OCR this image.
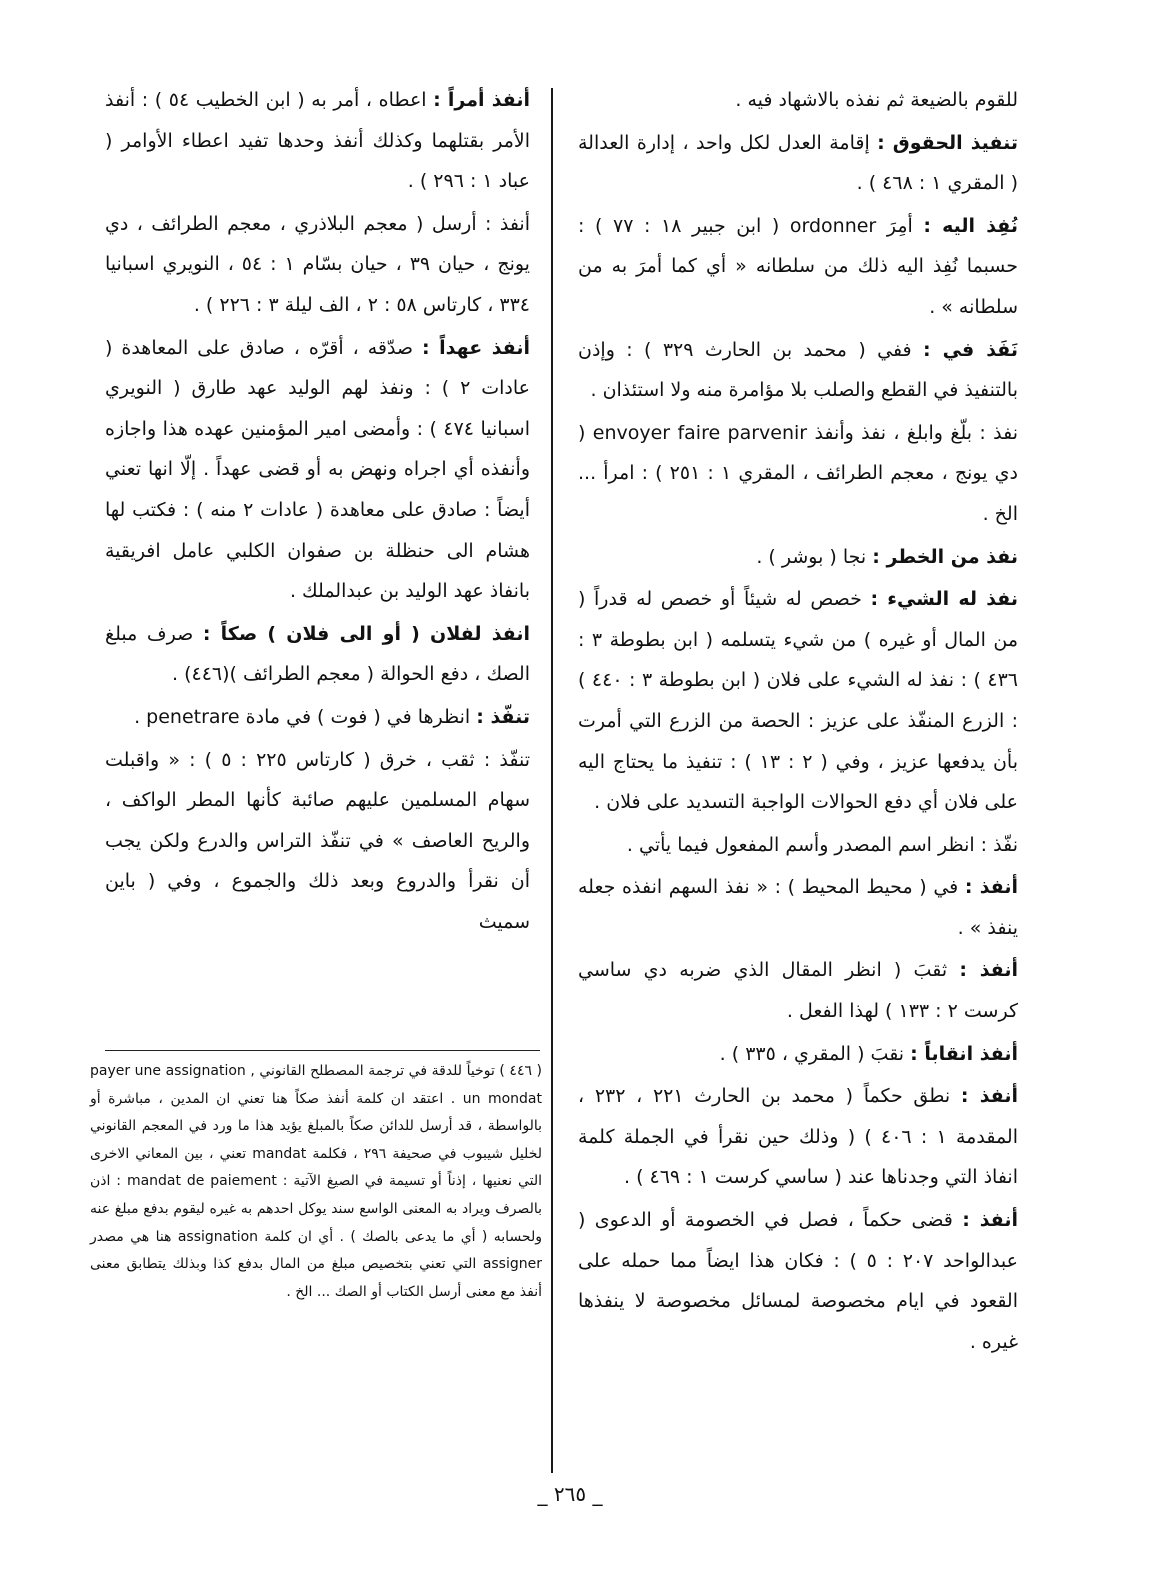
للقوم بالضيعة ثم نفذه بالاشهاد فيه .

تنفيذ الحقوق : إقامة العدل لكل واحد ، إدارة العدالة ( المقري ١ : ٤٦٨ ) .

نُفِذ اليه : أمِرَ ordonner ( ابن جبير ١٨ : ٧٧ ) : حسبما نُفِذ اليه ذلك من سلطانه « أي كما أمرَ به من سلطانه » .

نَفَذ في : ففي ( محمد بن الحارث ٣٢٩ ) : وإذن بالتنفيذ في القطع والصلب بلا مؤامرة منه ولا استئذان .

نفذ : بلّغ وابلغ ، نفذ وأنفذ envoyer faire parvenir ( دي يونج ، معجم الطرائف ، المقري ١ : ٢٥١ ) : امرأ ... الخ .

نفذ من الخطر : نجا ( بوشر ) .

نفذ له الشيء : خصص له شيئاً أو خصص له قدراً ( من المال أو غيره ) من شيء يتسلمه ( ابن بطوطة ٣ : ٤٣٦ ) : نفذ له الشيء على فلان ( ابن بطوطة ٣ : ٤٤٠ ) : الزرع المنفّذ على عزيز : الحصة من الزرع التي أمرت بأن يدفعها عزيز ، وفي ( ٢ : ١٣ ) : تنفيذ ما يحتاج اليه على فلان أي دفع الحوالات الواجبة التسديد على فلان .

نفّذ : انظر اسم المصدر وأسم المفعول فيما يأتي .

أنفذ : في ( محيط المحيط ) : « نفذ السهم انفذه جعله ينفذ » .

أنفذ : ثقبَ ( انظر المقال الذي ضربه دي ساسي كرست ٢ : ١٣٣ ) لهذا الفعل .

أنفذ انقاباً : نقبَ ( المقري ، ٣٣٥ ) .

أنفذ : نطق حكماً ( محمد بن الحارث ٢٢١ ، ٢٣٢ ، المقدمة ١ : ٤٠٦ ) ( وذلك حين نقرأ في الجملة كلمة انفاذ التي وجدناها عند ( ساسي كرست ١ : ٤٦٩ ) .

أنفذ : قضى حكماً ، فصل في الخصومة أو الدعوى ( عبدالواحد ٢٠٧ : ٥ ) : فكان هذا ايضاً مما حمله على القعود في ايام مخصوصة لمسائل مخصوصة لا ينفذها غيره .

أنفذ أمراً : اعطاه ، أمر به ( ابن الخطيب ٥٤ ) : أنفذ الأمر بقتلهما وكذلك أنفذ وحدها تفيد اعطاء الأوامر ( عباد ١ : ٢٩٦ ) .

أنفذ : أرسل ( معجم البلاذري ، معجم الطرائف ، دي يونج ، حيان ٣٩ ، حيان بسّام ١ : ٥٤ ، النويري اسبانيا ٣٣٤ ، كارتاس ٥٨ : ٢ ، الف ليلة ٣ : ٢٢٦ ) .

أنفذ عهداً : صدّقه ، أقرّه ، صادق على المعاهدة ( عادات ٢ ) : ونفذ لهم الوليد عهد طارق ( النويري اسبانيا ٤٧٤ ) : وأمضى امير المؤمنين عهده هذا واجازه وأنفذه أي اجراه ونهض به أو قضى عهداً . إلّا انها تعني أيضاً : صادق على معاهدة ( عادات ٢ منه ) : فكتب لها هشام الى حنظلة بن صفوان الكلبي عامل افريقية بانفاذ عهد الوليد بن عبدالملك .

انفذ لفلان ( أو الى فلان ) صكاً : صرف مبلغ الصك ، دفع الحوالة ( معجم الطرائف )(٤٤٦) .

تنفّذ : انظرها في ( فوت ) في مادة penetrare .

تنفّذ : ثقب ، خرق ( كارتاس ٢٢٥ : ٥ ) : « واقبلت سهام المسلمين عليهم صائبة كأنها المطر الواكف ، والريح العاصف » في تنفّذ التراس والدرع ولكن يجب أن نقرأ والدروع وبعد ذلك والجموع ، وفي ( باين سميث

( ٤٤٦ ) توخياً للدقة في ترجمة المصطلح القانوني payer une assignation , un mondat . اعتقد ان كلمة أنفذ صكاً هنا تعني ان المدين ، مباشرة أو بالواسطة ، قد أرسل للدائن صكاً بالمبلغ يؤيد هذا ما ورد في المعجم القانوني لخليل شيبوب في صحيفة ٢٩٦ ، فكلمة mandat تعني ، بين المعاني الاخرى التي نعنيها ، إذناً أو تسيمة في الصيغ الآتية : mandat de paiement : اذن بالصرف ويراد به المعنى الواسع سند يوكل احدهم به غيره ليقوم بدفع مبلغ عنه ولحسابه ( أي ما يدعى بالصك ) . أي ان كلمة assignation هنا هي مصدر assigner التي تعني بتخصيص مبلغ من المال بدفع كذا وبذلك يتطابق معنى أنفذ مع معنى أرسل الكتاب أو الصك ... الخ .

_ ٢٦٥ _
